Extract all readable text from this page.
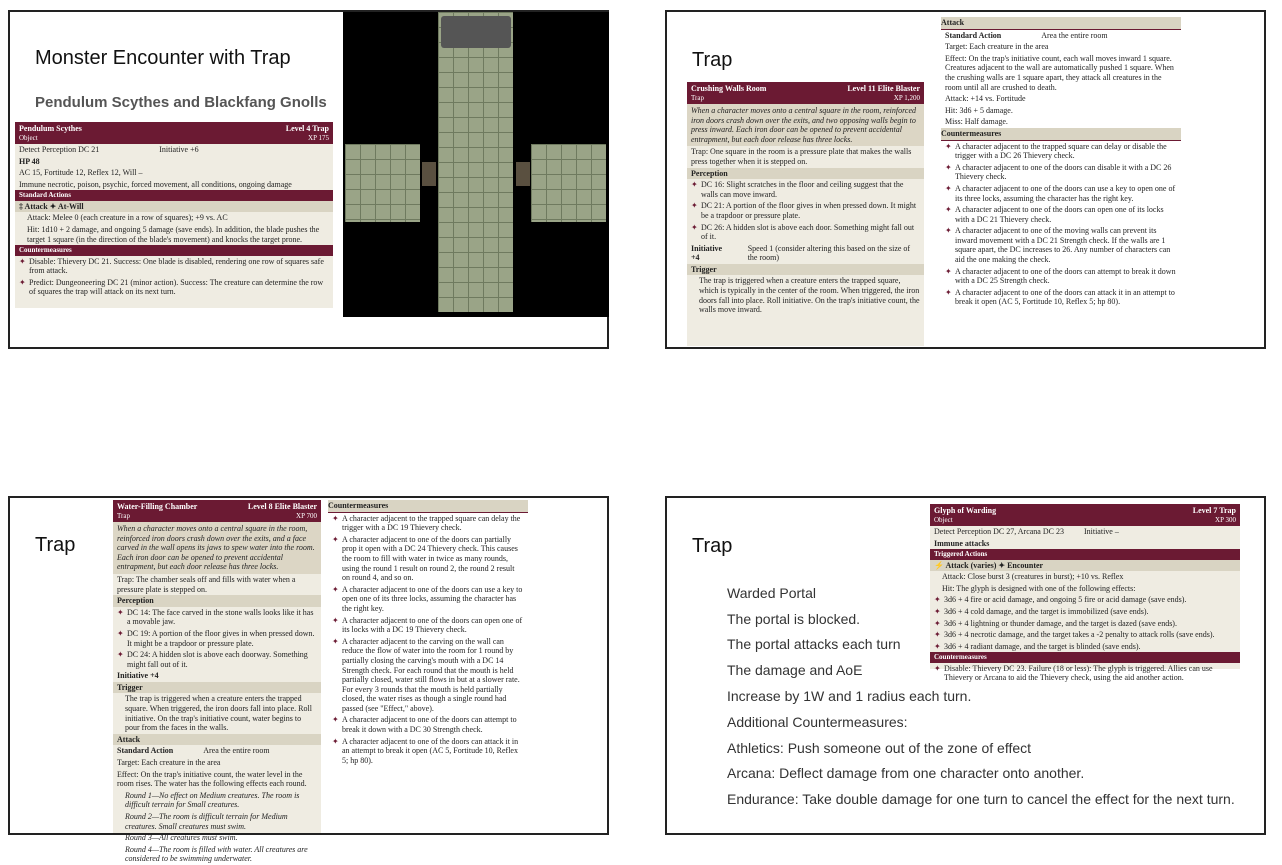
Monster Encounter with Trap
Pendulum Scythes and Blackfang Gnolls
Pendulum Scythes
Object
Level 4 Trap
XP 175
Detect Perception DC 21	Initiative +6
HP 48
AC 15, Fortitude 12, Reflex 12, Will –
Immune necrotic, poison, psychic, forced movement, all conditions, ongoing damage
Standard Actions
‡ Attack ✦ At-Will
Attack: Melee 0 (each creature in a row of squares); +9 vs. AC
Hit: 1d10 + 2 damage, and ongoing 5 damage (save ends). In addition, the blade pushes the target 1 square (in the direction of the blade's movement) and knocks the target prone.
Countermeasures
✦ Disable: Thievery DC 21. Success: One blade is disabled, rendering one row of squares safe from attack.
✦ Predict: Dungeoneering DC 21 (minor action). Success: The creature can determine the row of squares the trap will attack on its next turn.
Trap
Crushing Walls Room
Trap
Level 11 Elite Blaster
XP 1,200
When a character moves onto a central square in the room, reinforced iron doors crash down over the exits, and two opposing walls begin to press inward. Each iron door can be opened to prevent accidental entrapment, but each door release has three locks.
Trap: One square in the room is a pressure plate that makes the walls press together when it is stepped on.
Perception
✦ DC 16: Slight scratches in the floor and ceiling suggest that the walls can move inward.
✦ DC 21: A portion of the floor gives in when pressed down. It might be a trapdoor or pressure plate.
✦ DC 26: A hidden slot is above each door. Something might fall out of it.
Initiative +4
Speed 1 (consider altering this based on the size of the room)
Trigger
The trap is triggered when a creature enters the trapped square, which is typically in the center of the room. When triggered, the iron doors fall into place. Roll initiative. On the trap's initiative count, the walls move inward.
Attack
Standard Action	Area the entire room
Target: Each creature in the area
Effect: On the trap's initiative count, each wall moves inward 1 square. Creatures adjacent to the wall are automatically pushed 1 square. When the crushing walls are 1 square apart, they attack all creatures in the room until all are crushed to death.
Attack: +14 vs. Fortitude
Hit: 3d6 + 5 damage.
Miss: Half damage.
Countermeasures
✦ A character adjacent to the trapped square can delay or disable the trigger with a DC 26 Thievery check.
✦ A character adjacent to one of the doors can disable it with a DC 26 Thievery check.
✦ A character adjacent to one of the doors can use a key to open one of its three locks, assuming the character has the right key.
✦ A character adjacent to one of the doors can open one of its locks with a DC 21 Thievery check.
✦ A character adjacent to one of the moving walls can prevent its inward movement with a DC 21 Strength check. If the walls are 1 square apart, the DC increases to 26. Any number of characters can aid the one making the check.
✦ A character adjacent to one of the doors can attempt to break it down with a DC 25 Strength check.
✦ A character adjacent to one of the doors can attack it in an attempt to break it open (AC 5, Fortitude 10, Reflex 5; hp 80).
Trap
Water-Filling Chamber
Trap
Level 8 Elite Blaster
XP 700
When a character moves onto a central square in the room, reinforced iron doors crash down over the exits, and a face carved in the wall opens its jaws to spew water into the room. Each iron door can be opened to prevent accidental entrapment, but each door release has three locks.
Trap: The chamber seals off and fills with water when a pressure plate is stepped on.
Perception
✦ DC 14: The face carved in the stone walls looks like it has a movable jaw.
✦ DC 19: A portion of the floor gives in when pressed down. It might be a trapdoor or pressure plate.
✦ DC 24: A hidden slot is above each doorway. Something might fall out of it.
Initiative +4
Trigger
The trap is triggered when a creature enters the trapped square. When triggered, the iron doors fall into place. Roll initiative. On the trap's initiative count, water begins to pour from the faces in the walls.
Attack
Standard Action	Area the entire room
Target: Each creature in the area
Effect: On the trap's initiative count, the water level in the room rises. The water has the following effects each round.
Round 1—No effect on Medium creatures. The room is difficult terrain for Small creatures.
Round 2—The room is difficult terrain for Medium creatures. Small creatures must swim.
Round 3—All creatures must swim.
Round 4—The room is filled with water. All creatures are considered to be swimming underwater.
Countermeasures
✦ A character adjacent to the trapped square can delay the trigger with a DC 19 Thievery check.
✦ A character adjacent to one of the doors can partially prop it open with a DC 24 Thievery check. This causes the room to fill with water in twice as many rounds, using the round 1 result on round 2, the round 2 result on round 4, and so on.
✦ A character adjacent to one of the doors can use a key to open one of its three locks, assuming the character has the right key.
✦ A character adjacent to one of the doors can open one of its locks with a DC 19 Thievery check.
✦ A character adjacent to the carving on the wall can reduce the flow of water into the room for 1 round by partially closing the carving's mouth with a DC 14 Strength check. For each round that the mouth is held partially closed, water still flows in but at a slower rate. For every 3 rounds that the mouth is held partially closed, the water rises as though a single round had passed (see "Effect," above).
✦ A character adjacent to one of the doors can attempt to break it down with a DC 30 Strength check.
✦ A character adjacent to one of the doors can attack it in an attempt to break it open (AC 5, Fortitude 10, Reflex 5; hp 80).
Trap
Warded Portal
The portal is blocked.
The portal attacks each turn
The damage and AoE
Increase by 1W and 1 radius each turn.
Additional Countermeasures:
Athletics: Push someone out of the zone of effect
Arcana: Deflect damage from one character onto another.
Endurance: Take double damage for one turn to cancel the effect for the next turn.
Glyph of Warding
Object
Level 7 Trap
XP 300
Detect Perception DC 27, Arcana DC 23	Initiative –
Immune attacks
Triggered Actions
⚡ Attack (varies) ✦ Encounter
Attack: Close burst 3 (creatures in burst); +10 vs. Reflex
Hit: The glyph is designed with one of the following effects:
✦ 3d6 + 4 fire or acid damage, and ongoing 5 fire or acid damage (save ends).
✦ 3d6 + 4 cold damage, and the target is immobilized (save ends).
✦ 3d6 + 4 lightning or thunder damage, and the target is dazed (save ends).
✦ 3d6 + 4 necrotic damage, and the target takes a -2 penalty to attack rolls (save ends).
✦ 3d6 + 4 radiant damage, and the target is blinded (save ends).
Countermeasures
✦ Disable: Thievery DC 23. Failure (18 or less): The glyph is triggered. Allies can use Thievery or Arcana to aid the Thievery check, using the aid another action.
